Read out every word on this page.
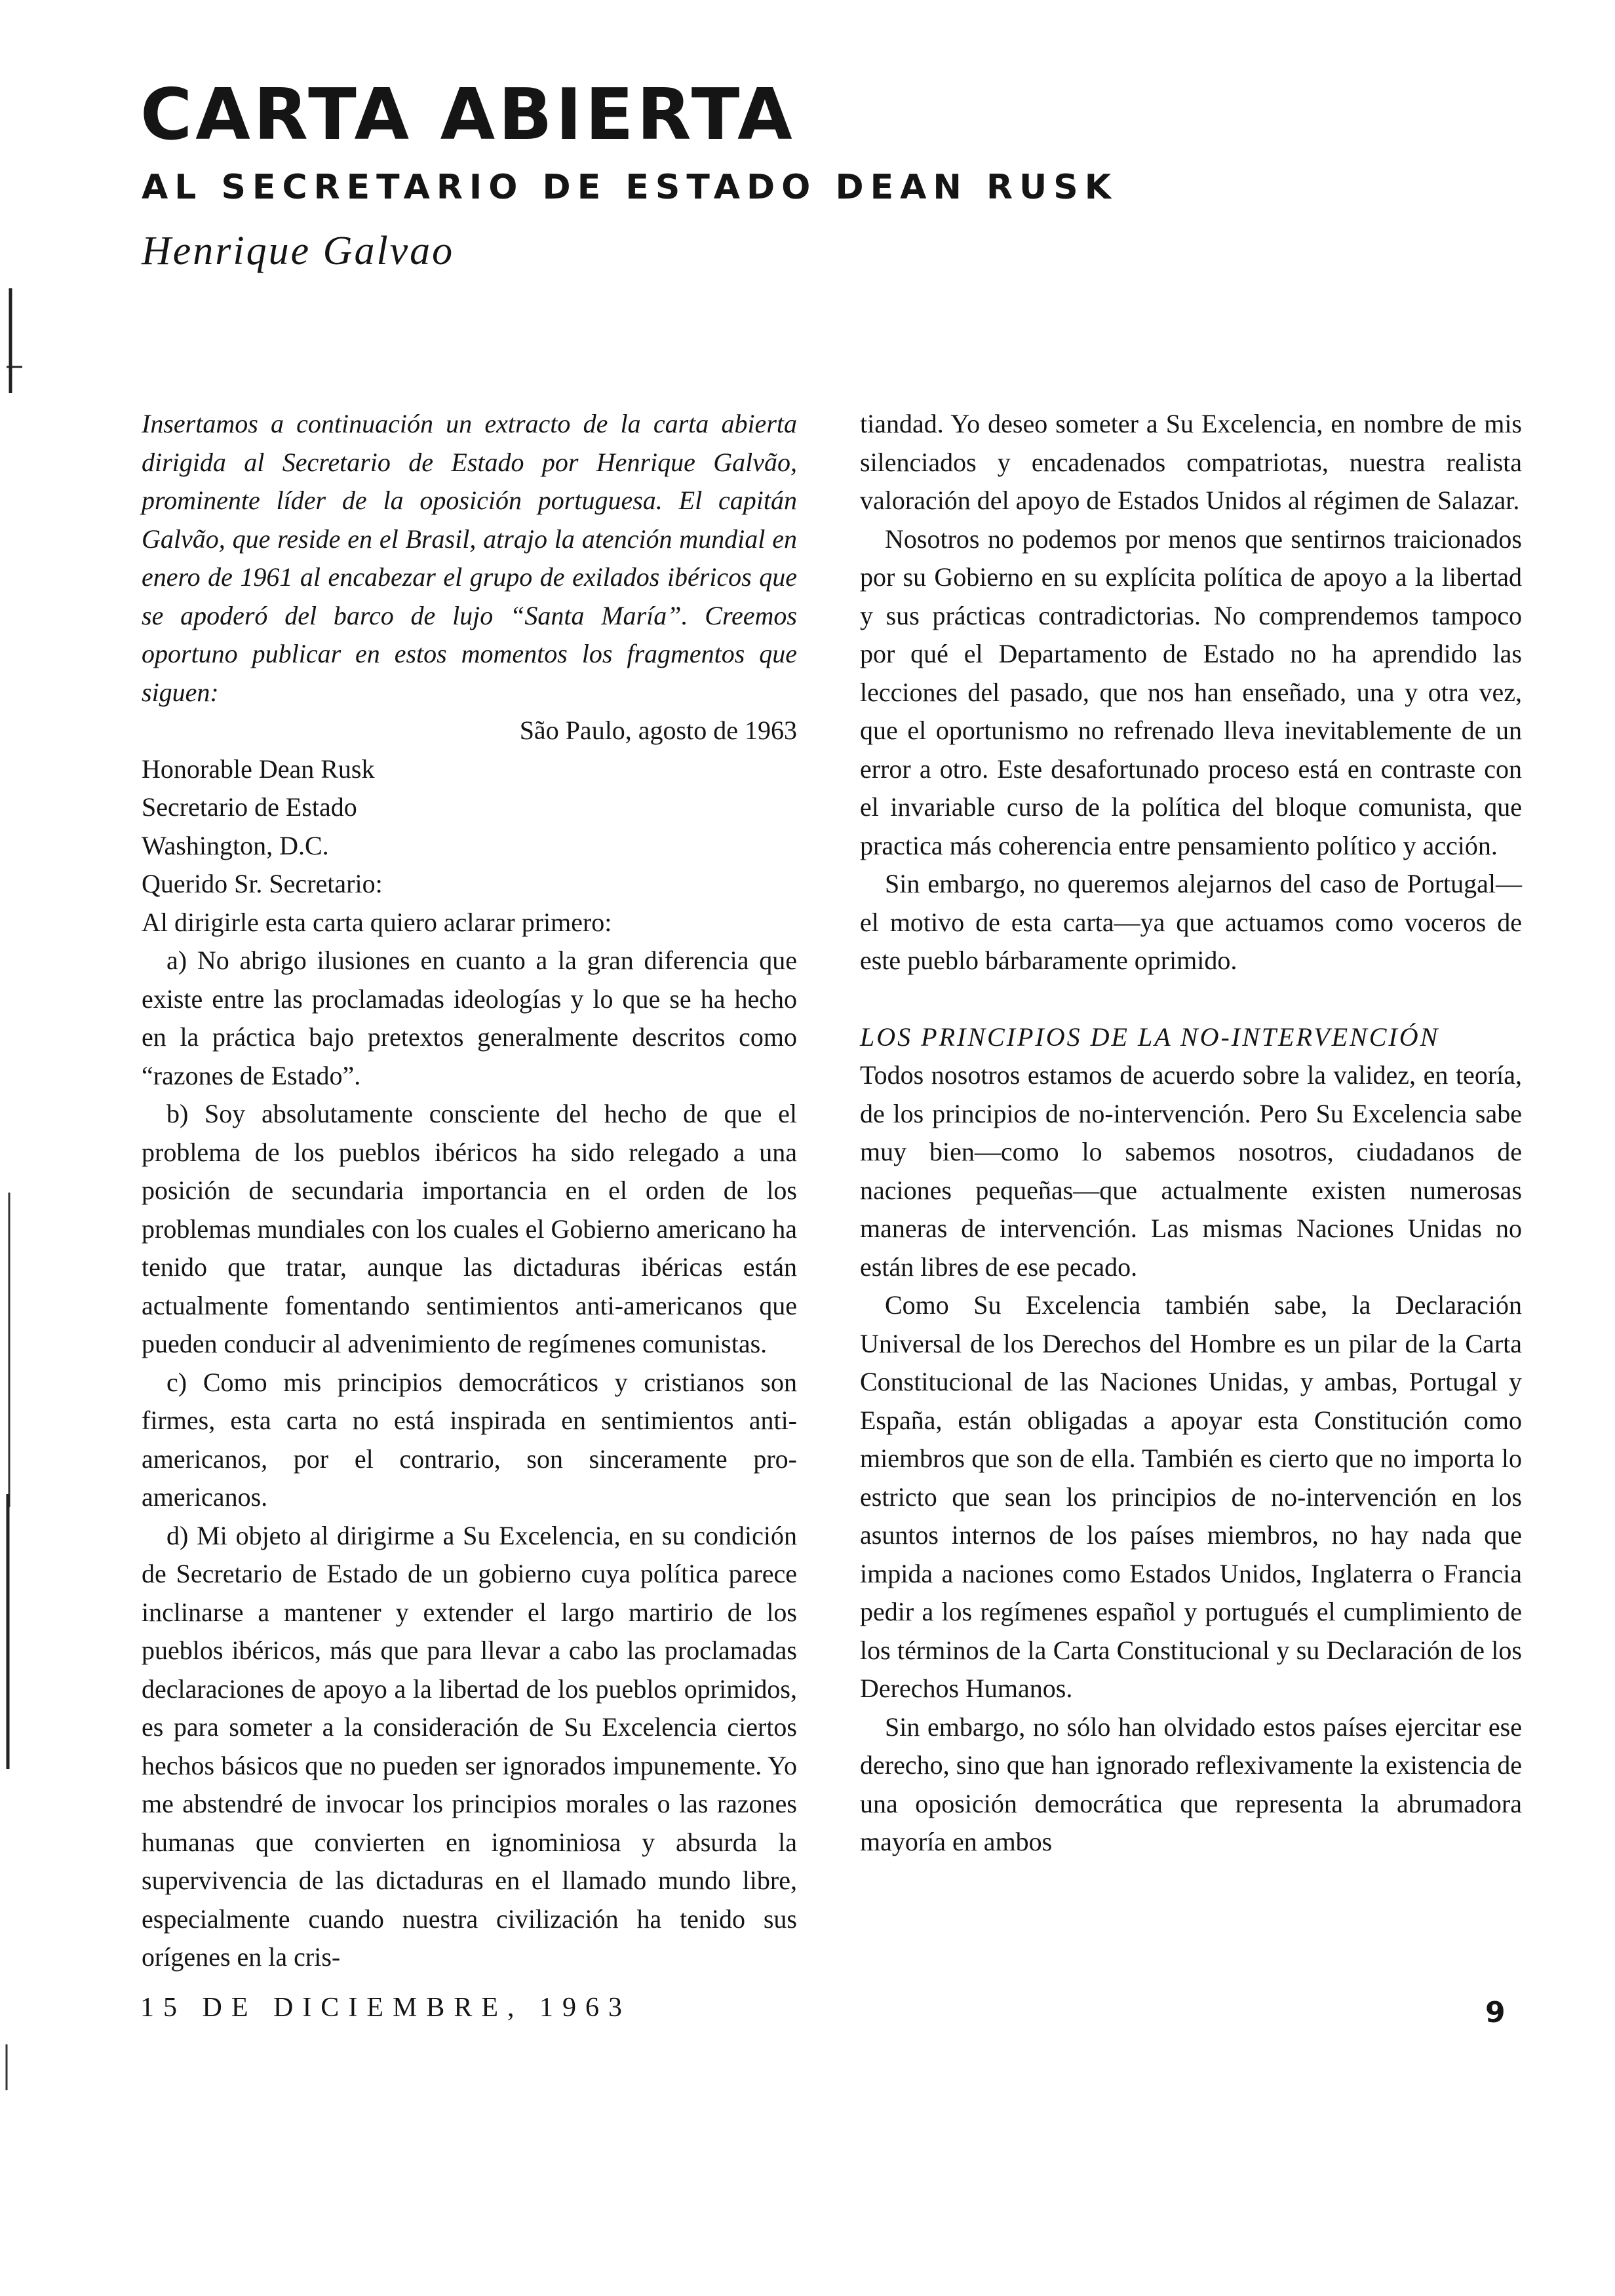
CARTA ABIERTA
AL SECRETARIO DE ESTADO DEAN RUSK
Henrique Galvao

Insertamos a continuación un extracto de la carta abierta dirigida al Secretario de Estado por Henrique Galvão, prominente líder de la oposición portuguesa. El capitán Galvão, que reside en el Brasil, atrajo la atención mundial en enero de 1961 al encabezar el grupo de exilados ibéricos que se apoderó del barco de lujo “Santa María”. Creemos oportuno publicar en estos momentos los fragmentos que siguen:

São Paulo, agosto de 1963

Honorable Dean Rusk

Secretario de Estado

Washington, D.C.

Querido Sr. Secretario:

Al dirigirle esta carta quiero aclarar primero:

a) No abrigo ilusiones en cuanto a la gran diferencia que existe entre las proclamadas ideologías y lo que se ha hecho en la práctica bajo pretextos generalmente descritos como “razones de Estado”.

b) Soy absolutamente consciente del hecho de que el problema de los pueblos ibéricos ha sido relegado a una posición de secundaria importancia en el orden de los problemas mundiales con los cuales el Gobierno americano ha tenido que tratar, aunque las dictaduras ibéricas están actualmente fomentando sentimientos anti-americanos que pueden conducir al advenimiento de regímenes comunistas.

c) Como mis principios democráticos y cristianos son firmes, esta carta no está inspirada en sentimientos anti-americanos, por el contrario, son sinceramente pro-americanos.

d) Mi objeto al dirigirme a Su Excelencia, en su condición de Secretario de Estado de un gobierno cuya política parece inclinarse a mantener y extender el largo martirio de los pueblos ibéricos, más que para llevar a cabo las proclamadas declaraciones de apoyo a la libertad de los pueblos oprimidos, es para someter a la consideración de Su Excelencia ciertos hechos básicos que no pueden ser ignorados impunemente. Yo me abstendré de invocar los principios morales o las razones humanas que convierten en ignominiosa y absurda la supervivencia de las dictaduras en el llamado mundo libre, especialmente cuando nuestra civilización ha tenido sus orígenes en la cris-

tiandad. Yo deseo someter a Su Excelencia, en nombre de mis silenciados y encadenados compatriotas, nuestra realista valoración del apoyo de Estados Unidos al régimen de Salazar.

Nosotros no podemos por menos que sentirnos traicionados por su Gobierno en su explícita política de apoyo a la libertad y sus prácticas contradictorias. No comprendemos tampoco por qué el Departamento de Estado no ha aprendido las lecciones del pasado, que nos han enseñado, una y otra vez, que el oportunismo no refrenado lleva inevitablemente de un error a otro. Este desafortunado proceso está en contraste con el invariable curso de la política del bloque comunista, que practica más coherencia entre pensamiento político y acción.

Sin embargo, no queremos alejarnos del caso de Portugal—el motivo de esta carta—ya que actuamos como voceros de este pueblo bárbaramente oprimido.

LOS PRINCIPIOS DE LA NO-INTERVENCIÓN

Todos nosotros estamos de acuerdo sobre la validez, en teoría, de los principios de no-intervención. Pero Su Excelencia sabe muy bien—como lo sabemos nosotros, ciudadanos de naciones pequeñas—que actualmente existen numerosas maneras de intervención. Las mismas Naciones Unidas no están libres de ese pecado.

Como Su Excelencia también sabe, la Declaración Universal de los Derechos del Hombre es un pilar de la Carta Constitucional de las Naciones Unidas, y ambas, Portugal y España, están obligadas a apoyar esta Constitución como miembros que son de ella. También es cierto que no importa lo estricto que sean los principios de no-intervención en los asuntos internos de los países miembros, no hay nada que impida a naciones como Estados Unidos, Inglaterra o Francia pedir a los regímenes español y portugués el cumplimiento de los términos de la Carta Constitucional y su Declaración de los Derechos Humanos.

Sin embargo, no sólo han olvidado estos países ejercitar ese derecho, sino que han ignorado reflexivamente la existencia de una oposición democrática que representa la abrumadora mayoría en ambos

15 DE DICIEMBRE, 1963	9
